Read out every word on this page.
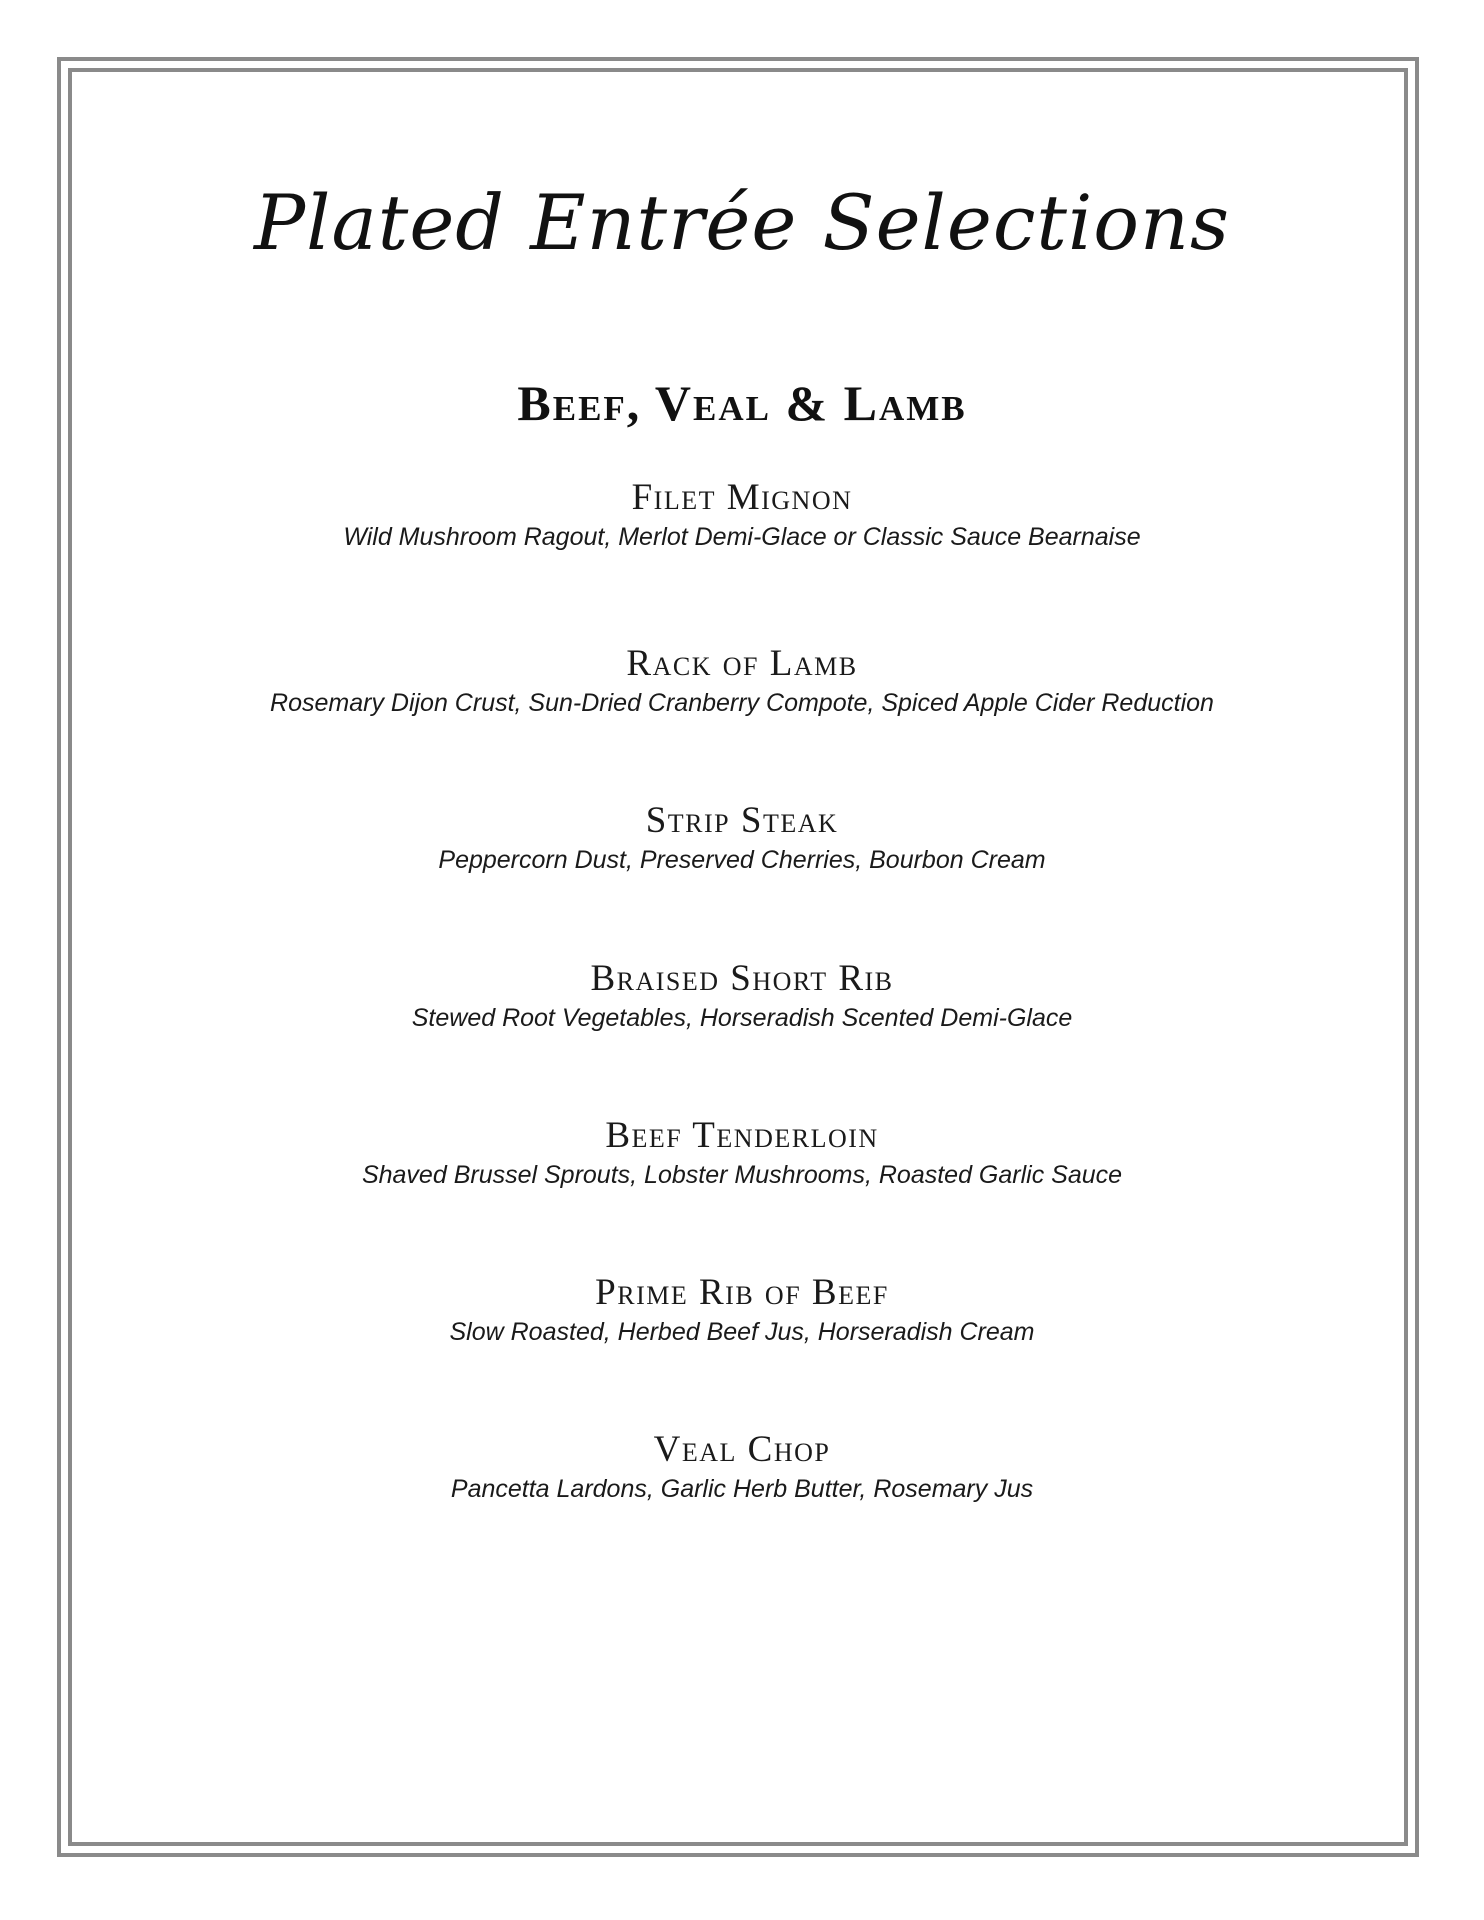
Plated Entrée Selections
Beef, Veal & Lamb
Filet Mignon
Wild Mushroom Ragout, Merlot Demi-Glace or Classic Sauce Bearnaise
Rack of Lamb
Rosemary Dijon Crust, Sun-Dried Cranberry Compote, Spiced Apple Cider Reduction
Strip Steak
Peppercorn Dust, Preserved Cherries, Bourbon Cream
Braised Short Rib
Stewed Root Vegetables, Horseradish Scented Demi-Glace
Beef Tenderloin
Shaved Brussel Sprouts, Lobster Mushrooms, Roasted Garlic Sauce
Prime Rib of Beef
Slow Roasted, Herbed Beef Jus, Horseradish Cream
Veal Chop
Pancetta Lardons, Garlic Herb Butter, Rosemary Jus
